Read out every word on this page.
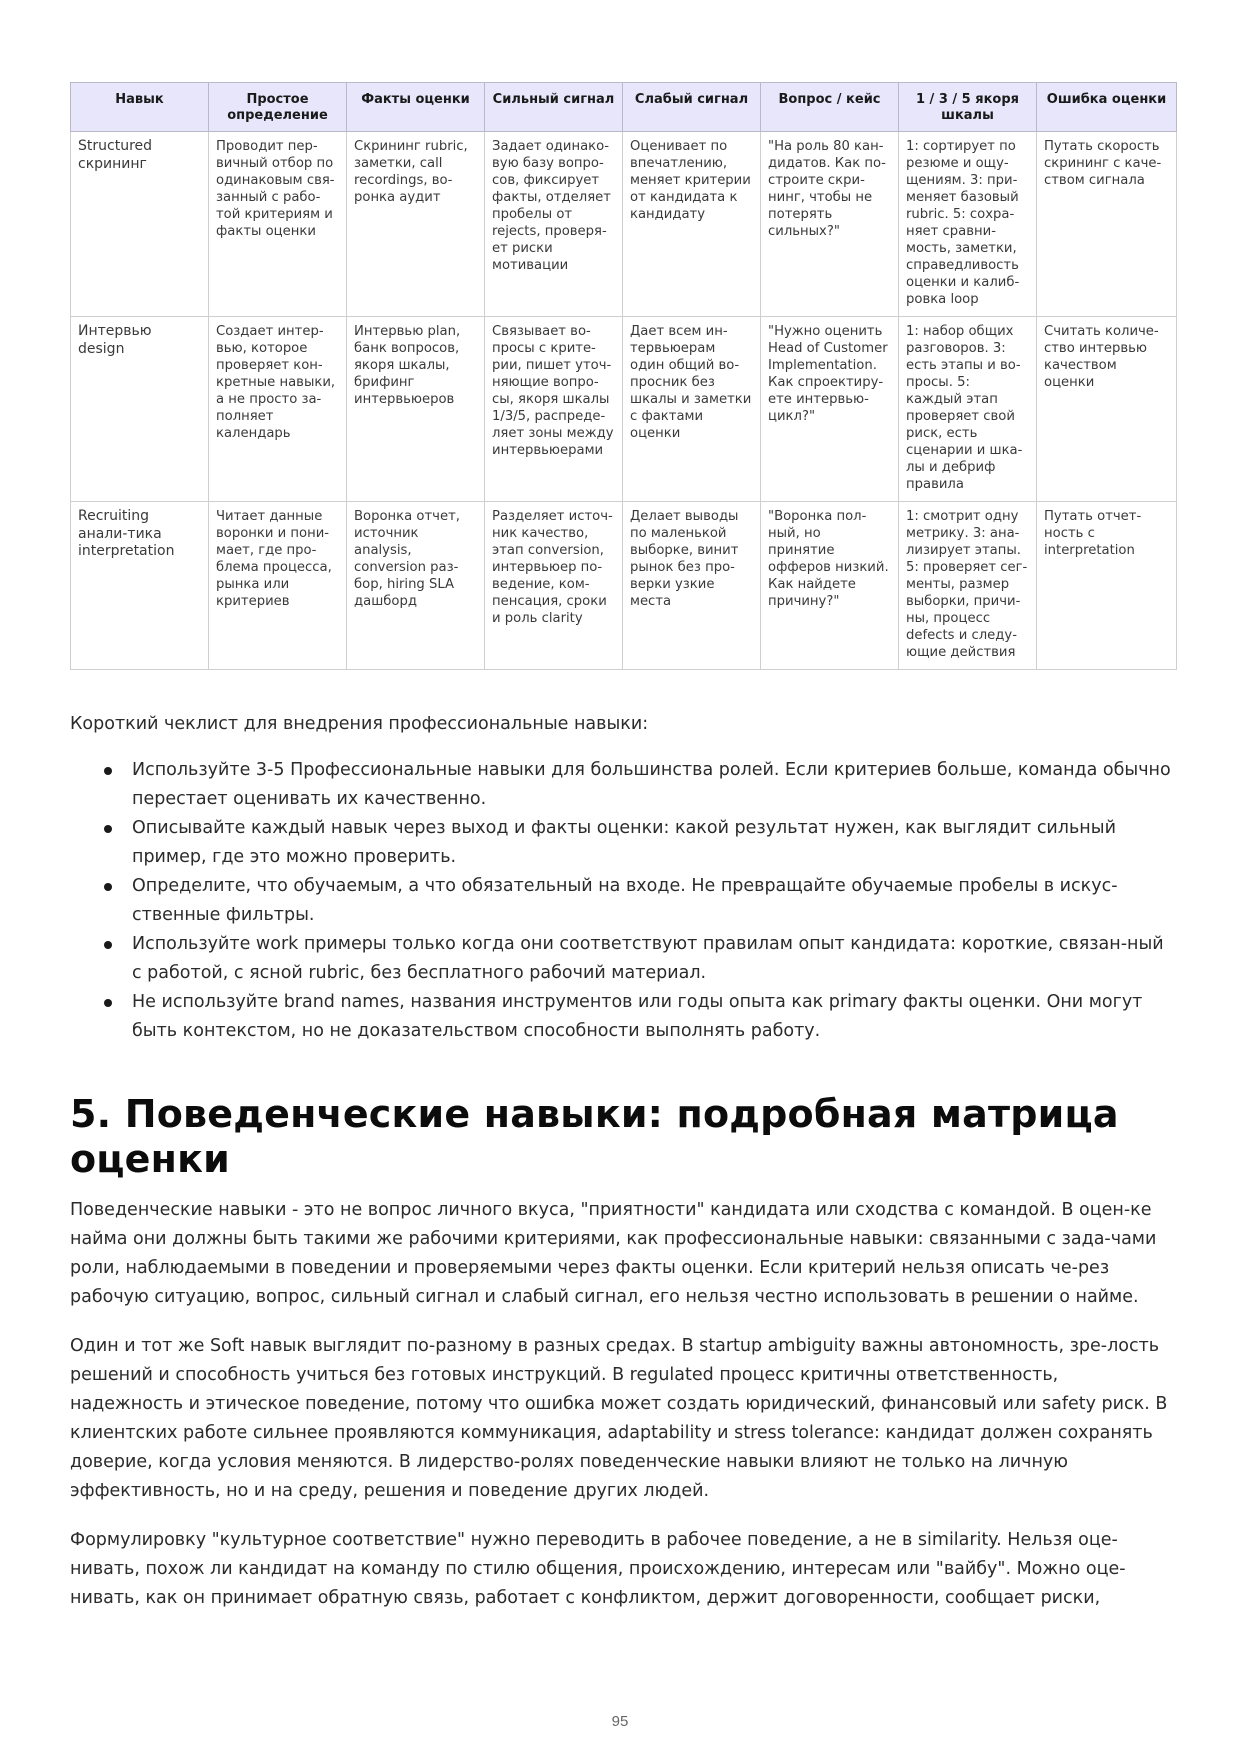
Навык	Простое определение	Факты оценки	Сильный сигнал	Слабый сигнал	Вопрос / кейс	1 / 3 / 5 якоря шкалы	Ошибка оценки
Structured скрининг	Проводит пер-вичный отбор по одинаковым свя-занный с рабо-той критериям и факты оценки	Скрининг rubric, заметки, call recordings, во-ронка аудит	Задает одинако-вую базу вопро-сов, фиксирует факты, отделяет пробелы от rejects, проверя-ет риски мотивации	Оценивает по впечатлению, меняет критерии от кандидата к кандидату	"На роль 80 кан-дидатов. Как по-строите скри-нинг, чтобы не потерять сильных?"	1: сортирует по резюме и ощу-щениям. 3: при-меняет базовый rubric. 5: сохра-няет сравни-мость, заметки, справедливость оценки и калиб-ровка loop	Путать скорость скрининг с каче-ством сигнала
Интервью design	Создает интер-вью, которое проверяет кон-кретные навыки, а не просто за-полняет календарь	Интервью plan, банк вопросов, якоря шкалы, брифинг интервьюеров	Связывает во-просы с крите-рии, пишет уточ-няющие вопро-сы, якоря шкалы 1/3/5, распреде-ляет зоны между интервьюерами	Дает всем ин-тервьюерам один общий во-просник без шкалы и заметки с фактами оценки	"Нужно оценить Head of Customer Implementation. Как спроектиру-ете интервью-цикл?"	1: набор общих разговоров. 3: есть этапы и во-просы. 5: каждый этап проверяет свой риск, есть сценарии и шка-лы и дебриф правила	Считать количе-ство интервью качеством оценки
Recruiting анали-тика interpretation	Читает данные воронки и пони-мает, где про-блема процесса, рынка или критериев	Воронка отчет, источник analysis, conversion раз-бор, hiring SLA дашборд	Разделяет источ-ник качество, этап conversion, интервьюер по-ведение, ком-пенсация, сроки и роль clarity	Делает выводы по маленькой выборке, винит рынок без про-верки узкие места	"Воронка пол-ный, но принятие офферов низкий. Как найдете причину?"	1: смотрит одну метрику. 3: ана-лизирует этапы. 5: проверяет сег-менты, размер выборки, причи-ны, процесс defects и следу-ющие действия	Путать отчет-ность с interpretation
Короткий чеклист для внедрения профессиональные навыки:
Используйте 3-5 Профессиональные навыки для большинства ролей. Если критериев больше, команда обычно перестает оценивать их качественно.
Описывайте каждый навык через выход и факты оценки: какой результат нужен, как выглядит сильный пример, где это можно проверить.
Определите, что обучаемым, а что обязательный на входе. Не превращайте обучаемые пробелы в искус-ственные фильтры.
Используйте work примеры только когда они соответствуют правилам опыт кандидата: короткие, связан-ный с работой, с ясной rubric, без бесплатного рабочий материал.
Не используйте brand names, названия инструментов или годы опыта как primary факты оценки. Они могут быть контекстом, но не доказательством способности выполнять работу.
5. Поведенческие навыки: подробная матрица оценки

Поведенческие навыки - это не вопрос личного вкуса, "приятности" кандидата или сходства с командой. В оцен-ке найма они должны быть такими же рабочими критериями, как профессиональные навыки: связанными с зада-чами роли, наблюдаемыми в поведении и проверяемыми через факты оценки. Если критерий нельзя описать че-рез рабочую ситуацию, вопрос, сильный сигнал и слабый сигнал, его нельзя честно использовать в решении о найме.

Один и тот же Soft навык выглядит по-разному в разных средах. В startup ambiguity важны автономность, зре-лость решений и способность учиться без готовых инструкций. В regulated процесс критичны ответственность, надежность и этическое поведение, потому что ошибка может создать юридический, финансовый или safety риск. В клиентских работе сильнее проявляются коммуникация, adaptability и stress tolerance: кандидат должен сохранять доверие, когда условия меняются. В лидерство-ролях поведенческие навыки влияют не только на личную эффективность, но и на среду, решения и поведение других людей.

Формулировку "культурное соответствие" нужно переводить в рабочее поведение, а не в similarity. Нельзя оце-нивать, похож ли кандидат на команду по стилю общения, происхождению, интересам или "вайбу". Можно оце-нивать, как он принимает обратную связь, работает с конфликтом, держит договоренности, сообщает риски,

95
